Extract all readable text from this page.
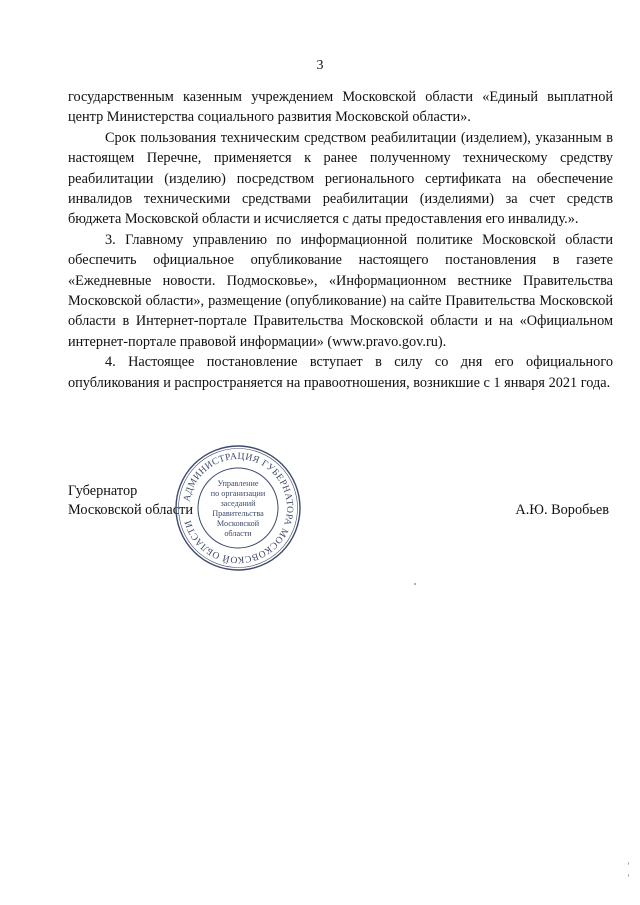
3

государственным казенным учреждением Московской области «Единый выплатной центр Министерства социального развития Московской области».

Срок пользования техническим средством реабилитации (изделием), указанным в настоящем Перечне, применяется к ранее полученному техническому средству реабилитации (изделию) посредством регионального сертификата на обеспечение инвалидов техническими средствами реабилитации (изделиями) за счет средств бюджета Московской области и исчисляется с даты предоставления его инвалиду.».

3. Главному управлению по информационной политике Московской области обеспечить официальное опубликование настоящего постановления в газете «Ежедневные новости. Подмосковье», «Информационном вестнике Правительства Московской области», размещение (опубликование) на сайте Правительства Московской области в Интернет-портале Правительства Московской области и на «Официальном интернет-портале правовой информации» (www.pravo.gov.ru).

4. Настоящее постановление вступает в силу со дня его официального опубликования и распространяется на правоотношения, возникшие с 1 января 2021 года.

Губернатор
Московской области
АДМИНИСТРАЦИЯ ГУБЕРНАТОРА МОСКОВСКОЙ ОБЛАСТИ
Управление
по организации
заседаний
Правительства
Московской
области
А.Ю. Воробьев
